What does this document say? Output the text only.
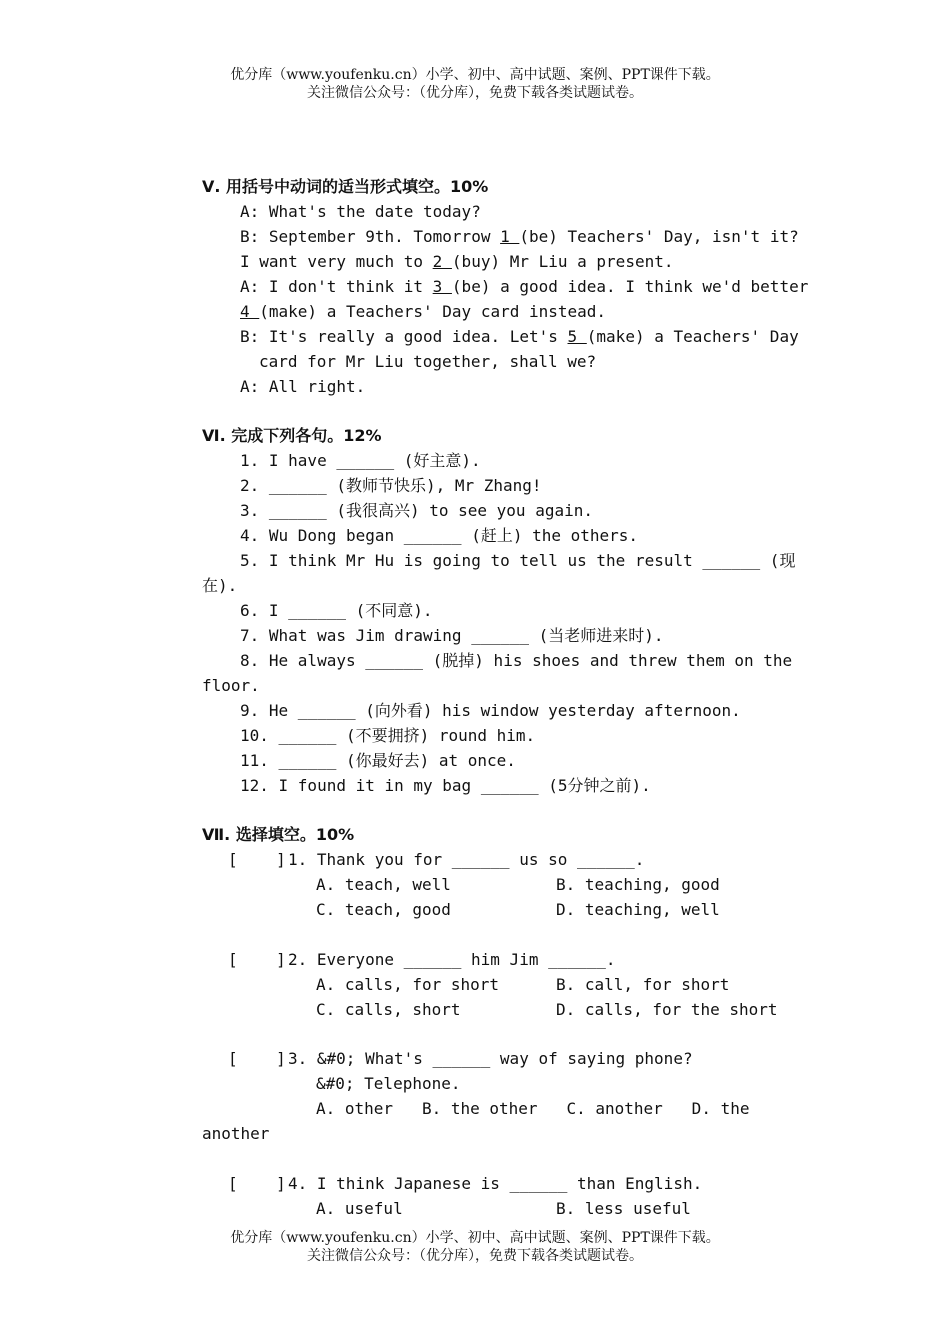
优分库（www.youfenku.cn）小学、初中、高中试题、案例、PPT课件下载。
关注微信公众号：（优分库），免费下载各类试题试卷。
Ⅴ. 用括号中动词的适当形式填空。10%
A: What's the date today?
B: September 9th. Tomorrow 1 (be) Teachers' Day, isn't it?
I want very much to 2 (buy) Mr Liu a present.
A: I don't think it 3 (be) a good idea. I think we'd better
4 (make) a Teachers' Day card instead.
B: It's really a good idea. Let's 5 (make) a Teachers' Day
card for Mr Liu together, shall we?
A: All right.
Ⅵ. 完成下列各句。12%
1. I have ______ (好主意).
2. ______ (教师节快乐), Mr Zhang!
3. ______ (我很高兴) to see you again.
4. Wu Dong began ______ (赶上) the others.
5. I think Mr Hu is going to tell us the result ______ (现
在).
6. I ______ (不同意).
7. What was Jim drawing ______ (当老师进来时).
8. He always ______ (脱掉) his shoes and threw them on the
floor.
9. He ______ (向外看) his window yesterday afternoon.
10. ______ (不要拥挤) round him.
11. ______ (你最好去) at once.
12. I found it in my bag ______ (5分钟之前).
Ⅶ. 选择填空。10%
[    ] 1. Thank you for ______ us so ______.
A. teach, well	B. teaching, good
C. teach, good	D. teaching, well
[    ] 2. Everyone ______ him Jim ______.
A. calls, for short	B. call, for short
C. calls, short	D. calls, for the short
[    ] 3. &#0; What's ______ way of saying phone?
&#0; Telephone.
A. other   B. the other   C. another   D. the
another
[    ] 4. I think Japanese is ______ than English.
A. useful	B. less useful
优分库（www.youfenku.cn）小学、初中、高中试题、案例、PPT课件下载。
关注微信公众号：（优分库），免费下载各类试题试卷。
